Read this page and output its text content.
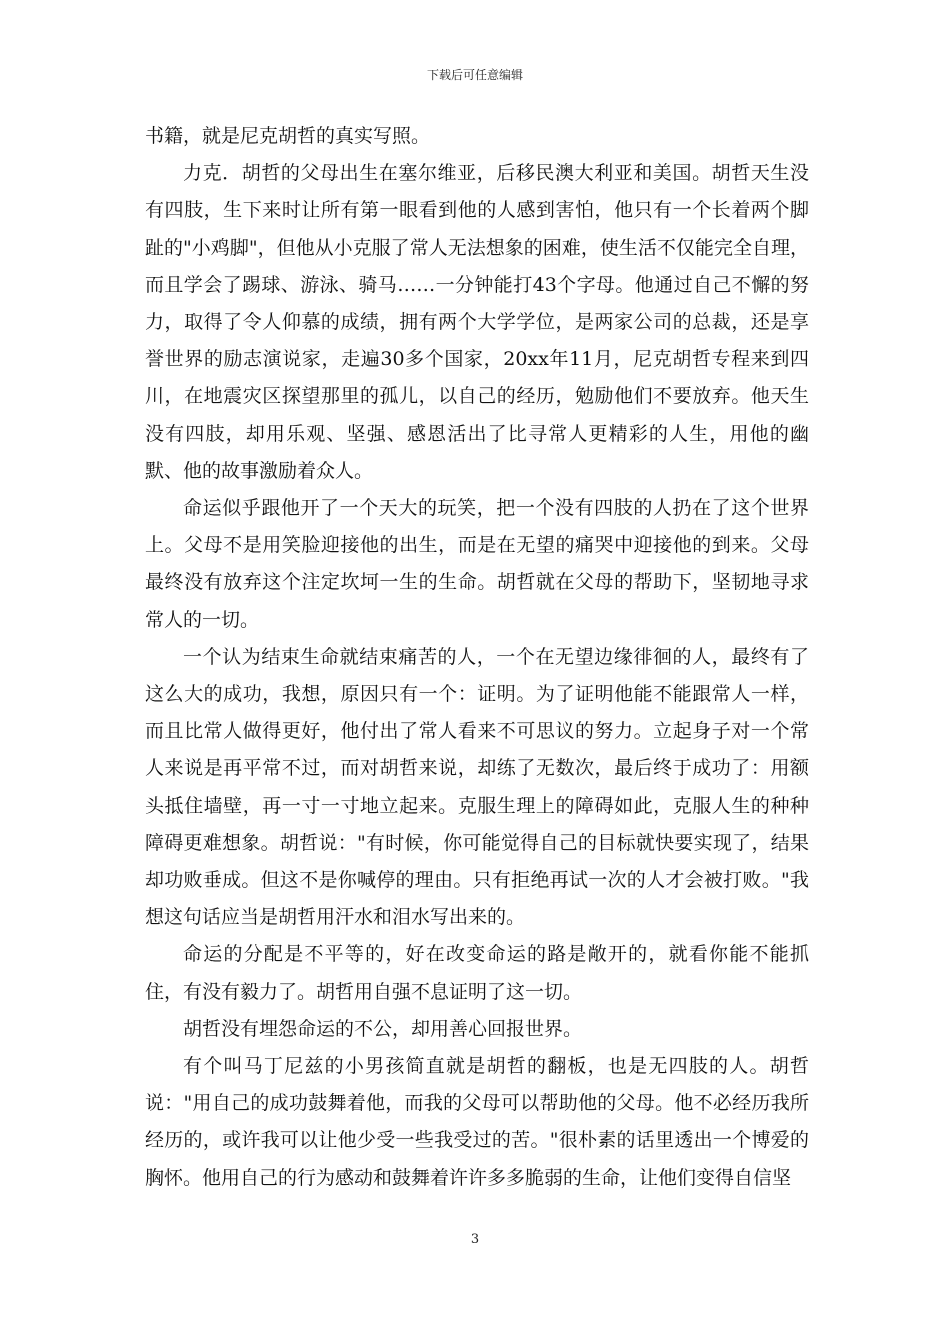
下载后可任意编辑

书籍，就是尼克胡哲的真实写照。

力克．胡哲的父母出生在塞尔维亚，后移民澳大利亚和美国。胡哲天生没有四肢，生下来时让所有第一眼看到他的人感到害怕，他只有一个长着两个脚趾的"小鸡脚"，但他从小克服了常人无法想象的困难，使生活不仅能完全自理，而且学会了踢球、游泳、骑马……一分钟能打43个字母。他通过自己不懈的努力，取得了令人仰慕的成绩，拥有两个大学学位，是两家公司的总裁，还是享誉世界的励志演说家，走遍30多个国家，20xx年11月，尼克胡哲专程来到四川，在地震灾区探望那里的孤儿，以自己的经历，勉励他们不要放弃。他天生没有四肢，却用乐观、坚强、感恩活出了比寻常人更精彩的人生，用他的幽默、他的故事激励着众人。

命运似乎跟他开了一个天大的玩笑，把一个没有四肢的人扔在了这个世界上。父母不是用笑脸迎接他的出生，而是在无望的痛哭中迎接他的到来。父母最终没有放弃这个注定坎坷一生的生命。胡哲就在父母的帮助下，坚韧地寻求常人的一切。

一个认为结束生命就结束痛苦的人，一个在无望边缘徘徊的人，最终有了这么大的成功，我想，原因只有一个：证明。为了证明他能不能跟常人一样，而且比常人做得更好，他付出了常人看来不可思议的努力。立起身子对一个常人来说是再平常不过，而对胡哲来说，却练了无数次，最后终于成功了：用额头抵住墙壁，再一寸一寸地立起来。克服生理上的障碍如此，克服人生的种种障碍更难想象。胡哲说："有时候，你可能觉得自己的目标就快要实现了，结果却功败垂成。但这不是你喊停的理由。只有拒绝再试一次的人才会被打败。"我想这句话应当是胡哲用汗水和泪水写出来的。

命运的分配是不平等的，好在改变命运的路是敞开的，就看你能不能抓住，有没有毅力了。胡哲用自强不息证明了这一切。

胡哲没有埋怨命运的不公，却用善心回报世界。

有个叫马丁尼兹的小男孩简直就是胡哲的翻板，也是无四肢的人。胡哲说："用自己的成功鼓舞着他，而我的父母可以帮助他的父母。他不必经历我所经历的，或许我可以让他少受一些我受过的苦。"很朴素的话里透出一个博爱的胸怀。他用自己的行为感动和鼓舞着许许多多脆弱的生命，让他们变得自信坚

3
